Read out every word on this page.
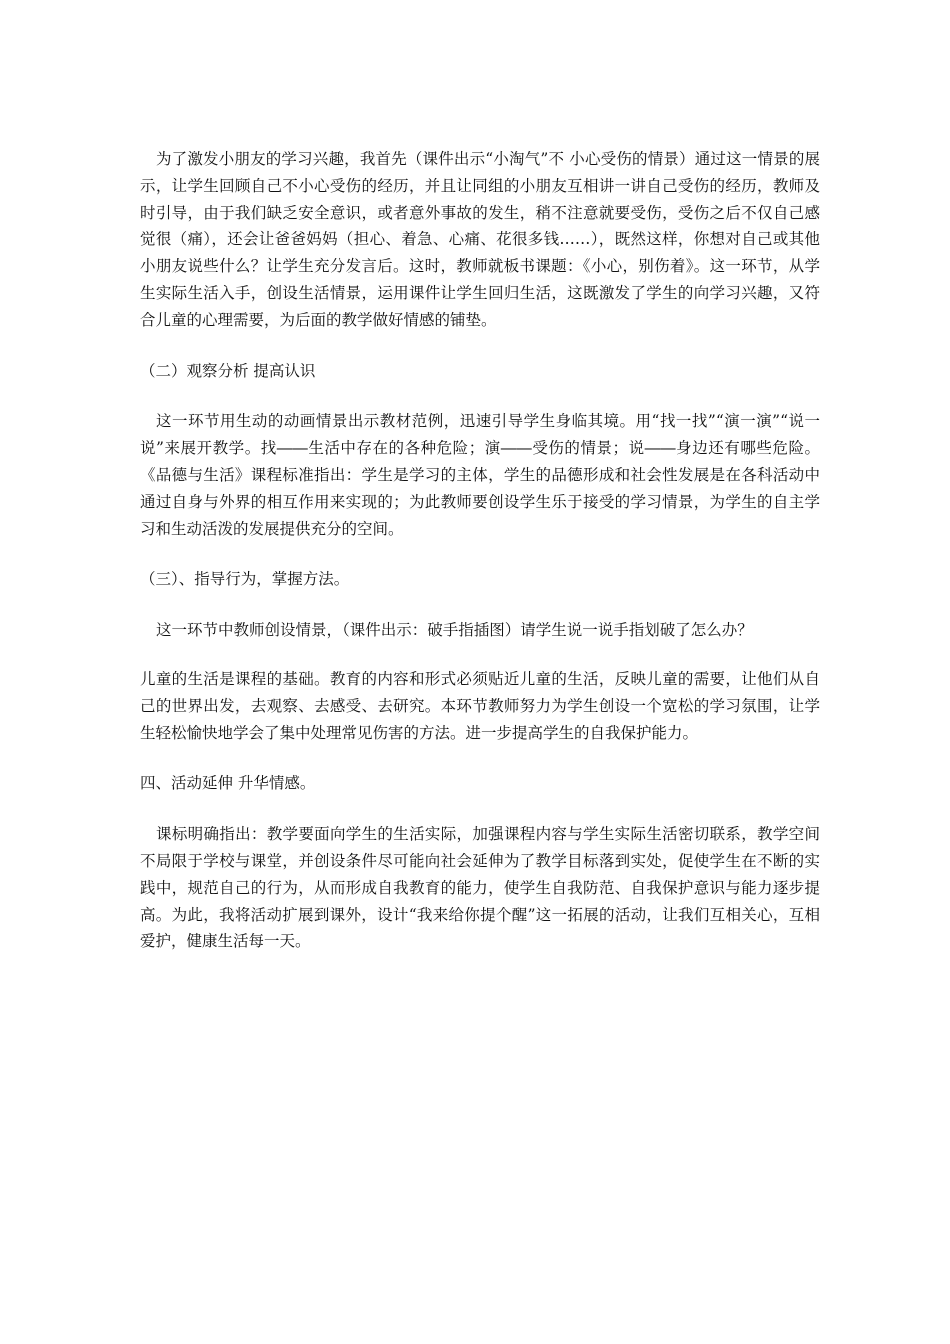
为了激发小朋友的学习兴趣，我首先（课件出示“小淘气”不 小心受伤的情景）通过这一情景的展示，让学生回顾自己不小心受伤的经历，并且让同组的小朋友互相讲一讲自己受伤的经历，教师及时引导，由于我们缺乏安全意识，或者意外事故的发生，稍不注意就要受伤，受伤之后不仅自己感觉很（痛），还会让爸爸妈妈（担心、着急、心痛、花很多钱……），既然这样，你想对自己或其他小朋友说些什么？让学生充分发言后。这时，教师就板书课题：《小心，别伤着》。这一环节，从学生实际生活入手，创设生活情景，运用课件让学生回归生活，这既激发了学生的向学习兴趣，又符合儿童的心理需要，为后面的教学做好情感的铺垫。

（二）观察分析 提高认识

这一环节用生动的动画情景出示教材范例，迅速引导学生身临其境。用“找一找”“演一演”“说一 说”来展开教学。找――生活中存在的各种危险；演――受伤的情景；说――身边还有哪些危险。《品德与生活》课程标准指出：学生是学习的主体，学生的品德形成和社会性发展是在各科活动中通过自身与外界的相互作用来实现的；为此教师要创设学生乐于接受的学习情景，为学生的自主学习和生动活泼的发展提供充分的空间。

（三）、指导行为，掌握方法。

这一环节中教师创设情景，（课件出示：破手指插图）请学生说一说手指划破了怎么办？

儿童的生活是课程的基础。教育的内容和形式必须贴近儿童的生活，反映儿童的需要，让他们从自己的世界出发，去观察、去感受、去研究。本环节教师努力为学生创设一个宽松的学习氛围，让学生轻松愉快地学会了集中处理常见伤害的方法。进一步提高学生的自我保护能力。

四、活动延伸 升华情感。

课标明确指出：教学要面向学生的生活实际，加强课程内容与学生实际生活密切联系，教学空间不局限于学校与课堂，并创设条件尽可能向社会延伸为了教学目标落到实处，促使学生在不断的实践中，规范自己的行为，从而形成自我教育的能力，使学生自我防范、自我保护意识与能力逐步提高。为此，我将活动扩展到课外，设计“我来给你提个醒”这一拓展的活动，让我们互相关心，互相爱护，健康生活每一天。
